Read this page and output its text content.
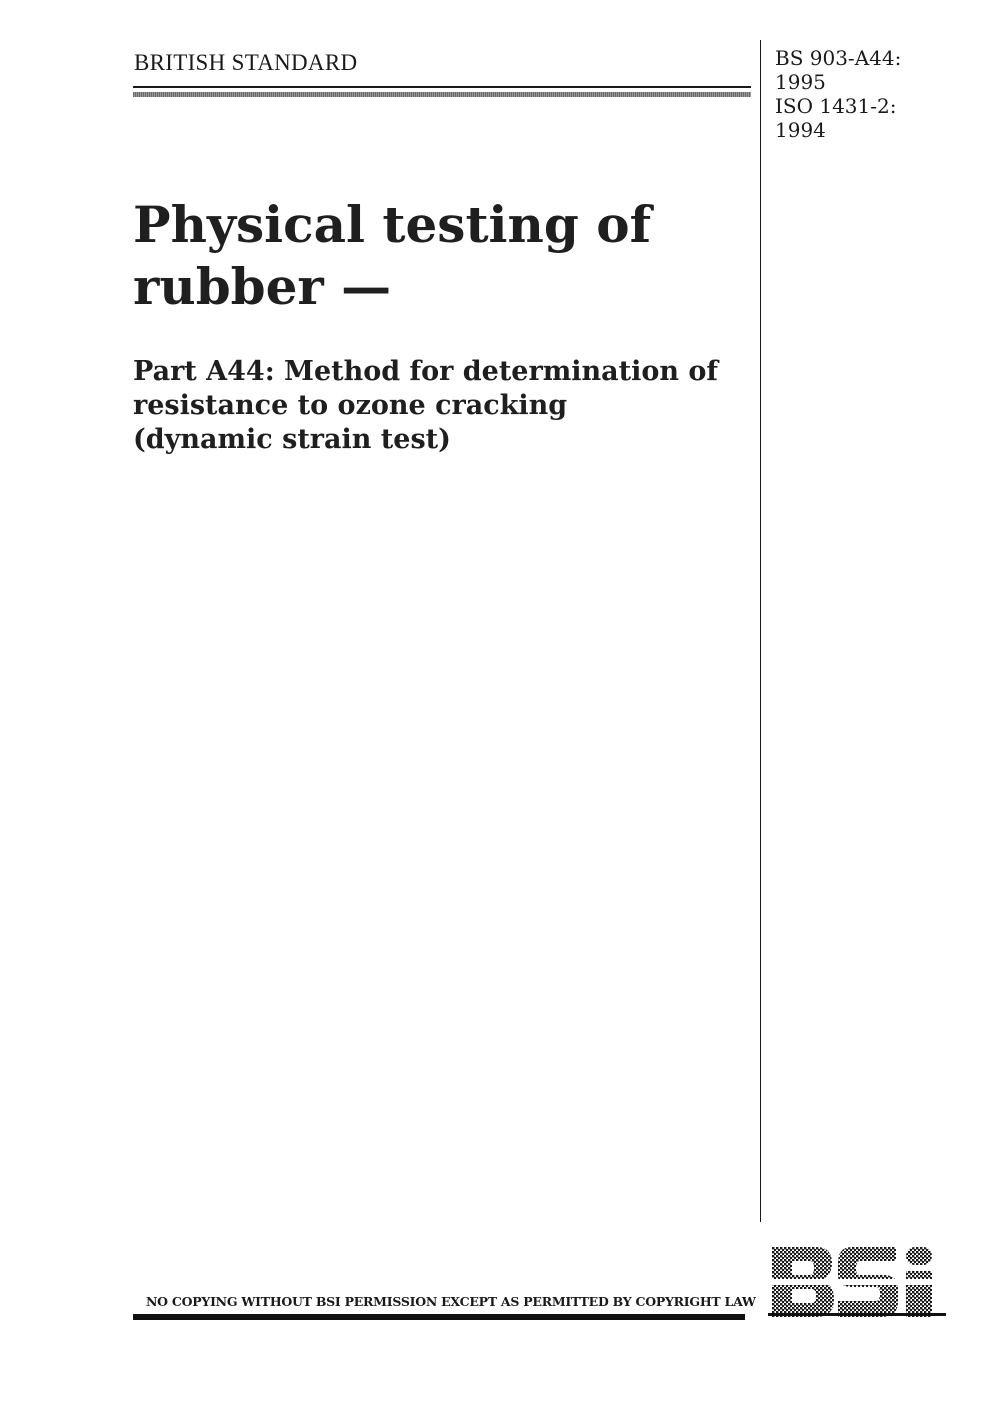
BRITISH STANDARD	BS 903-A44:
1995
ISO 1431-2:
1994
Physical testing of
rubber —
Part A44: Method for determination of
resistance to ozone cracking
(dynamic strain test)
NO COPYING WITHOUT BSI PERMISSION EXCEPT AS PERMITTED BY COPYRIGHT LAW
